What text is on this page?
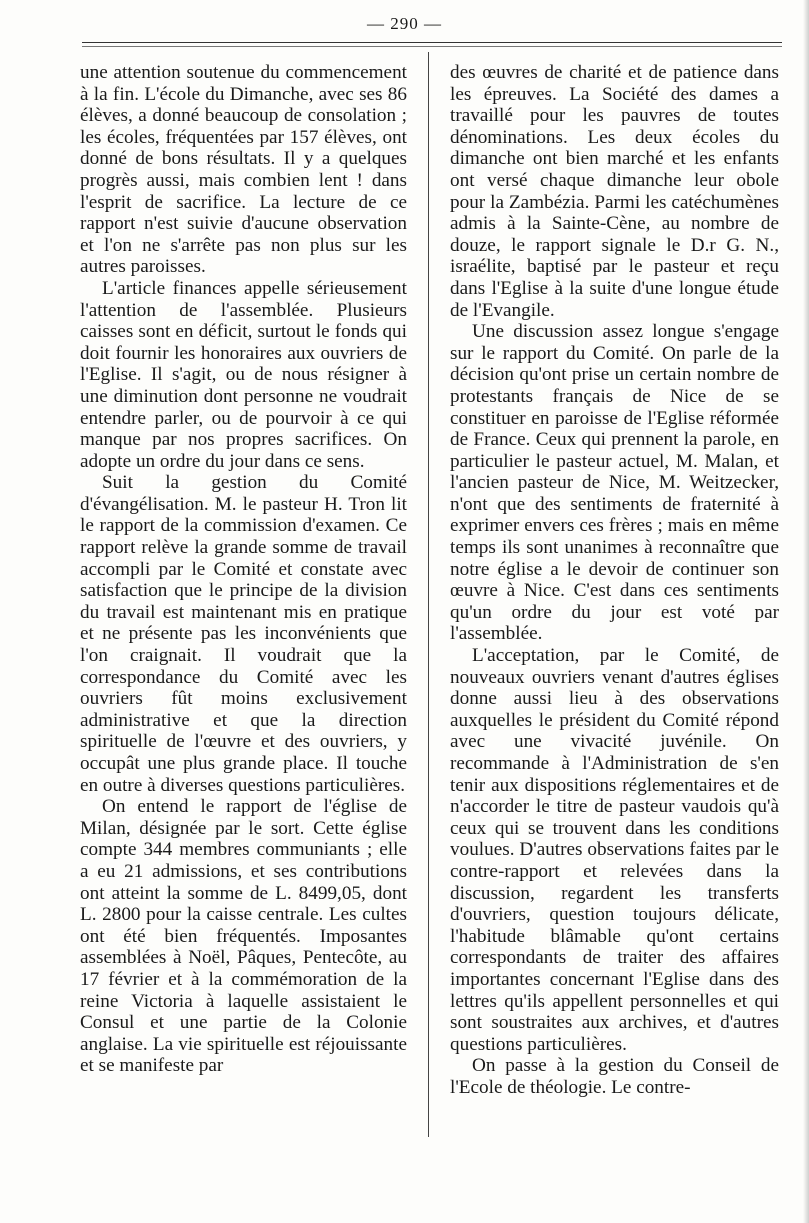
— 290 —

une attention soutenue du commencement à la fin. L'école du Dimanche, avec ses 86 élèves, a donné beaucoup de consolation ; les écoles, fréquentées par 157 élèves, ont donné de bons résultats. Il y a quelques progrès aussi, mais combien lent ! dans l'esprit de sacrifice. La lecture de ce rapport n'est suivie d'aucune observation et l'on ne s'arrête pas non plus sur les autres paroisses.

L'article finances appelle sérieusement l'attention de l'assemblée. Plusieurs caisses sont en déficit, surtout le fonds qui doit fournir les honoraires aux ouvriers de l'Eglise. Il s'agit, ou de nous résigner à une diminution dont personne ne voudrait entendre parler, ou de pourvoir à ce qui manque par nos propres sacrifices. On adopte un ordre du jour dans ce sens.

Suit la gestion du Comité d'évangélisation. M. le pasteur H. Tron lit le rapport de la commission d'examen. Ce rapport relève la grande somme de travail accompli par le Comité et constate avec satisfaction que le principe de la division du travail est maintenant mis en pratique et ne présente pas les inconvénients que l'on craignait. Il voudrait que la correspondance du Comité avec les ouvriers fût moins exclusivement administrative et que la direction spirituelle de l'œuvre et des ouvriers, y occupât une plus grande place. Il touche en outre à diverses questions particulières.

On entend le rapport de l'église de Milan, désignée par le sort. Cette église compte 344 membres communiants ; elle a eu 21 admissions, et ses contributions ont atteint la somme de L. 8499,05, dont L. 2800 pour la caisse centrale. Les cultes ont été bien fréquentés. Imposantes assemblées à Noël, Pâques, Pentecôte, au 17 février et à la commémoration de la reine Victoria à laquelle assistaient le Consul et une partie de la Colonie anglaise. La vie spirituelle est réjouissante et se manifeste par

des œuvres de charité et de patience dans les épreuves. La Société des dames a travaillé pour les pauvres de toutes dénominations. Les deux écoles du dimanche ont bien marché et les enfants ont versé chaque dimanche leur obole pour la Zambézia. Parmi les catéchumènes admis à la Sainte-Cène, au nombre de douze, le rapport signale le D.r G. N., israélite, baptisé par le pasteur et reçu dans l'Eglise à la suite d'une longue étude de l'Evangile.

Une discussion assez longue s'engage sur le rapport du Comité. On parle de la décision qu'ont prise un certain nombre de protestants français de Nice de se constituer en paroisse de l'Eglise réformée de France. Ceux qui prennent la parole, en particulier le pasteur actuel, M. Malan, et l'ancien pasteur de Nice, M. Weitzecker, n'ont que des sentiments de fraternité à exprimer envers ces frères ; mais en même temps ils sont unanimes à reconnaître que notre église a le devoir de continuer son œuvre à Nice. C'est dans ces sentiments qu'un ordre du jour est voté par l'assemblée.

L'acceptation, par le Comité, de nouveaux ouvriers venant d'autres églises donne aussi lieu à des observations auxquelles le président du Comité répond avec une vivacité juvénile. On recommande à l'Administration de s'en tenir aux dispositions réglementaires et de n'accorder le titre de pasteur vaudois qu'à ceux qui se trouvent dans les conditions voulues. D'autres observations faites par le contre-rapport et relevées dans la discussion, regardent les transferts d'ouvriers, question toujours délicate, l'habitude blâmable qu'ont certains correspondants de traiter des affaires importantes concernant l'Eglise dans des lettres qu'ils appellent personnelles et qui sont soustraites aux archives, et d'autres questions particulières.

On passe à la gestion du Conseil de l'Ecole de théologie. Le contre-
